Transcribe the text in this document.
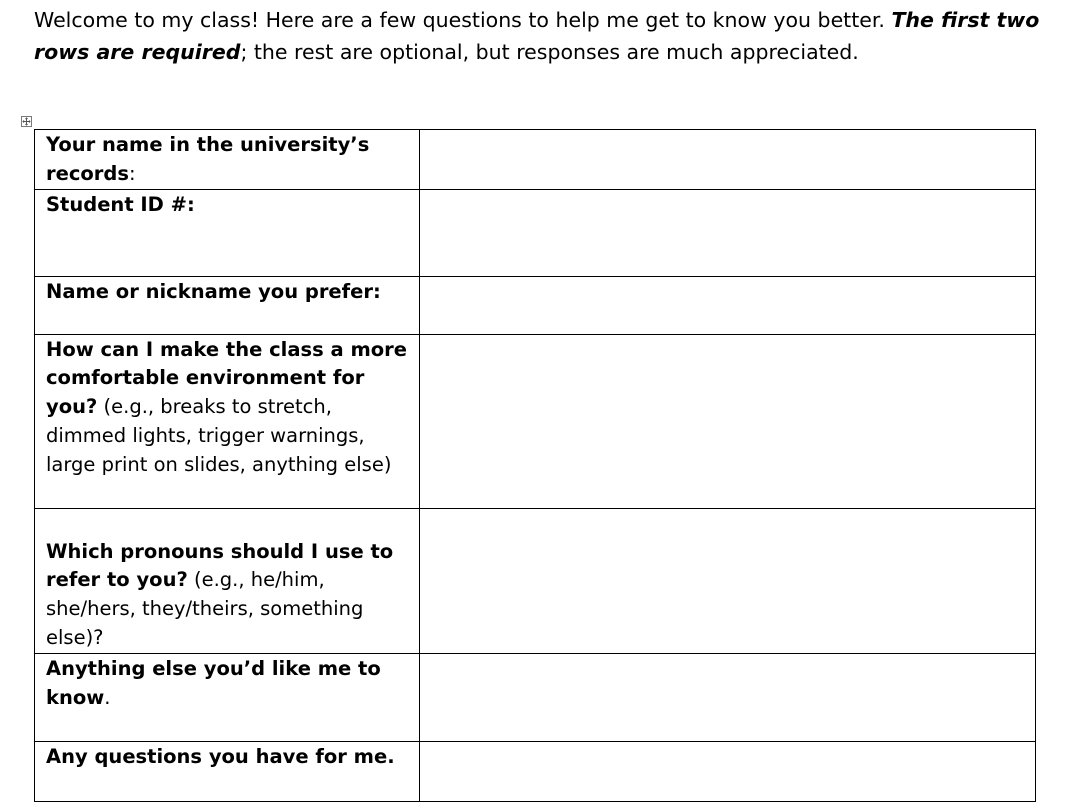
Welcome to my class! Here are a few questions to help me get to know you better. The first two rows are required; the rest are optional, but responses are much appreciated.

Your name in the university’s records:	
Student ID #:	
Name or nickname you prefer:	
How can I make the class a more comfortable environment for you? (e.g., breaks to stretch, dimmed lights, trigger warnings, large print on slides, anything else)	

Which pronouns should I use to refer to you? (e.g., he/him, she/hers, they/theirs, something else)?	
Anything else you’d like me to know.	
Any questions you have for me.	
